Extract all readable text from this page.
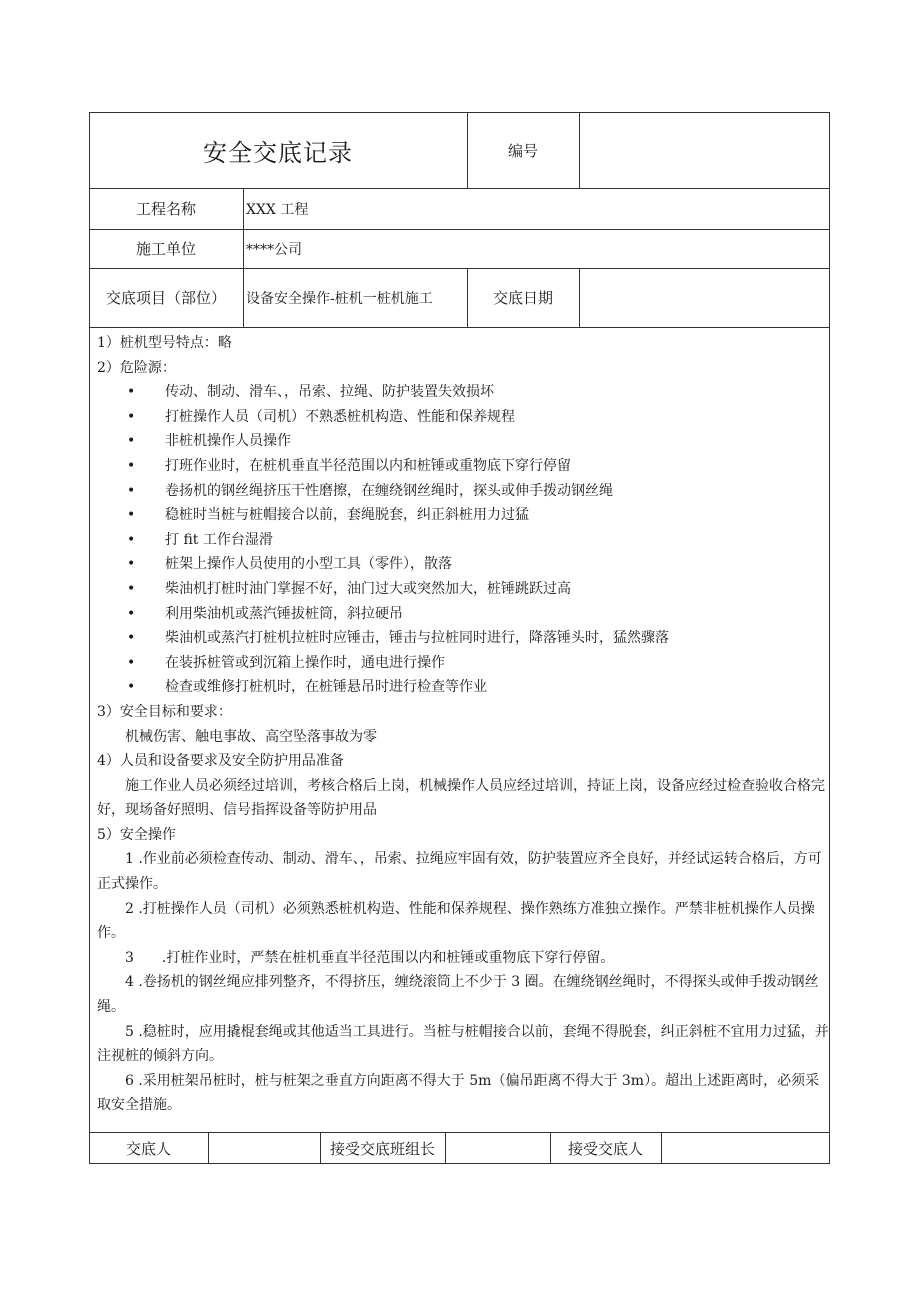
安全交底记录	编号
工程名称	XXX 工程
施工单位	****公司
交底项目（部位）	设备安全操作-桩机一桩机施工	交底日期

1）桩机型号特点：略

2）危险源：

•	传动、制动、滑车、，吊索、拉绳、防护装置失效损坏

•	打桩操作人员（司机）不熟悉桩机构造、性能和保养规程

•	非桩机操作人员操作

•	打班作业时，在桩机垂直半径范围以内和桩锤或重物底下穿行停留

•	卷扬机的钢丝绳挤压干性磨擦，在缠绕钢丝绳时，探头或伸手拨动钢丝绳

•	稳桩时当桩与桩帽接合以前，套绳脱套，纠正斜桩用力过猛

•	打 fit 工作台湿滑

•	桩架上操作人员使用的小型工具（零件），散落

•	柴油机打桩时油门掌握不好，油门过大或突然加大，桩锤跳跃过高

•	利用柴油机或蒸汽锤拔桩筒，斜拉硬吊

•	柴油机或蒸汽打桩机拉桩时应锤击，锤击与拉桩同时进行，降落锤头时，猛然骤落

•	在装拆桩管或到沉箱上操作时，通电进行操作

•	检查或维修打桩机时，在桩锤悬吊时进行检查等作业

3）安全目标和要求：

机械伤害、触电事故、高空坠落事故为零

4）人员和设备要求及安全防护用品准备

施工作业人员必须经过培训，考核合格后上岗，机械操作人员应经过培训，持证上岗，设备应经过检查验收合格完好，现场备好照明、信号指挥设备等防护用品

5）安全操作

1 .作业前必须检查传动、制动、滑车、，吊索、拉绳应牢固有效，防护装置应齐全良好，并经试运转合格后，方可正式操作。

2 .打桩操作人员（司机）必须熟悉桩机构造、性能和保养规程、操作熟练方准独立操作。严禁非桩机操作人员操作。

3　　.打桩作业时，严禁在桩机垂直半径范围以内和桩锤或重物底下穿行停留。

4 .卷扬机的钢丝绳应排列整齐，不得挤压，缠绕滚筒上不少于 3 圈。在缠绕钢丝绳时，不得探头或伸手拨动钢丝绳。

5 .稳桩时，应用撬棍套绳或其他适当工具进行。当桩与桩帽接合以前，套绳不得脱套，纠正斜桩不宜用力过猛，并注视桩的倾斜方向。

6 .采用桩架吊桩时，桩与桩架之垂直方向距离不得大于 5m（偏吊距离不得大于 3m）。超出上述距离时，必须采取安全措施。

交底人	接受交底班组长	接受交底人
